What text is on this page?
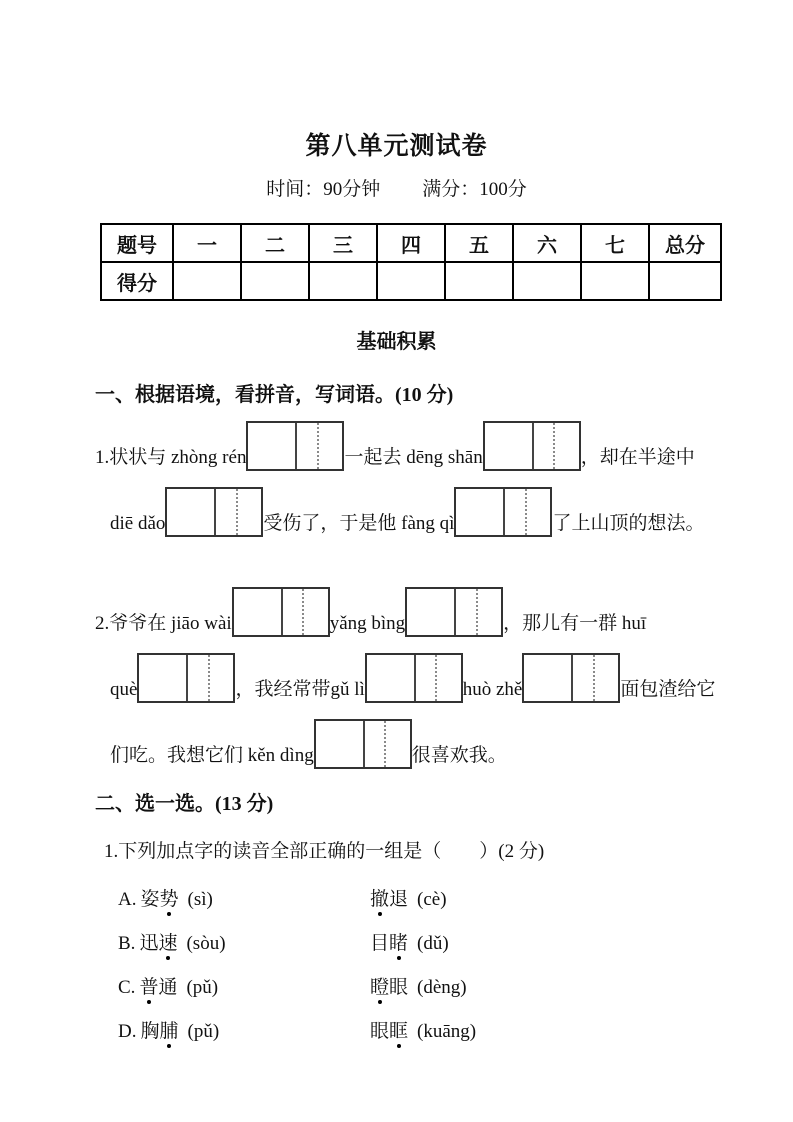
第八单元测试卷
时间：90分钟 满分：100分
题号	一	二	三	四	五	六	七	总分
得分								
基础积累
一、根据语境，看拼音，写词语。(10 分)
1.状状与 zhòng rén	一起去 dēng shān	，却在半途中
diē dǎo	受伤了，于是他 fàng qì	了上山顶的想法。
2.爷爷在 jiāo wài	yǎng bìng	，那儿有一群 huī
què	，我经常带gǔ lì	huò zhě	面包渣给它
们吃。我想它们 kěn dìng	很喜欢我。
二、选一选。(13 分)
1.下列加点字的读音全部正确的一组是（　　）(2 分)
A. 姿势 (sì)	撤退 (cè)
B. 迅速 (sòu)	目睹 (dǔ)
C. 普通 (pǔ)	瞪眼 (dèng)
D. 胸脯 (pǔ)	眼眶 (kuāng)
